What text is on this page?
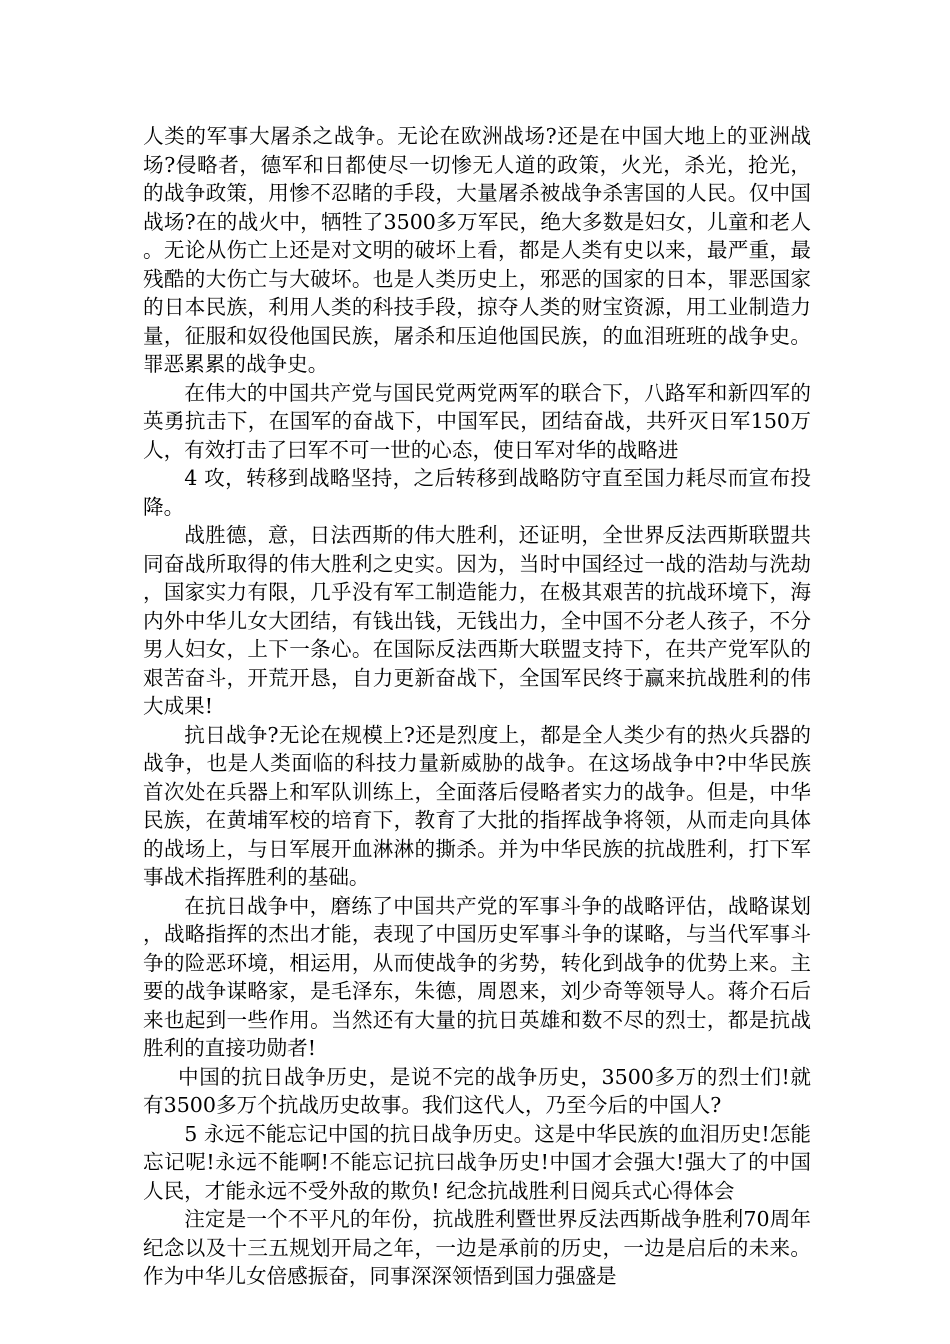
人类的军事大屠杀之战争。无论在欧洲战场?还是在中国大地上的亚洲战场?侵略者，德军和日都使尽一切惨无人道的政策，火光，杀光，抢光，的战争政策，用惨不忍睹的手段，大量屠杀被战争杀害国的人民。仅中国战场?在的战火中，牺牲了3500多万军民，绝大多数是妇女，儿童和老人。无论从伤亡上还是对文明的破坏上看，都是人类有史以来，最严重，最残酷的大伤亡与大破坏。也是人类历史上，邪恶的国家的日本，罪恶国家的日本民族，利用人类的科技手段，掠夺人类的财宝资源，用工业制造力量，征服和奴役他国民族，屠杀和压迫他国民族，的血泪班班的战争史。罪恶累累的战争史。

在伟大的中国共产党与国民党两党两军的联合下，八路军和新四军的英勇抗击下，在国军的奋战下，中国军民，团结奋战，共歼灭日军150万人，有效打击了曰军不可一世的心态，使日军对华的战略进

4 攻，转移到战略坚持，之后转移到战略防守直至国力耗尽而宣布投降。

战胜德，意，日法西斯的伟大胜利，还证明，全世界反法西斯联盟共同奋战所取得的伟大胜利之史实。因为，当时中国经过一战的浩劫与洗劫，国家实力有限，几乎没有军工制造能力，在极其艰苦的抗战环境下，海内外中华儿女大团结，有钱出钱，无钱出力，全中国不分老人孩子，不分男人妇女，上下一条心。在国际反法西斯大联盟支持下，在共产党军队的艰苦奋斗，开荒开恳，自力更新奋战下，全国军民终于赢来抗战胜利的伟大成果!

抗日战争?无论在规模上?还是烈度上，都是全人类少有的热火兵器的战争，也是人类面临的科技力量新威胁的战争。在这场战争中?中华民族首次处在兵器上和军队训练上，全面落后侵略者实力的战争。但是，中华民族，在黄埔军校的培育下，教育了大批的指挥战争将领，从而走向具体的战场上，与日军展开血淋淋的撕杀。并为中华民族的抗战胜利，打下军事战术指挥胜利的基础。

在抗日战争中，磨练了中国共产党的军事斗争的战略评估，战略谋划，战略指挥的杰出才能，表现了中国历史军事斗争的谋略，与当代军事斗争的险恶环境，相运用，从而使战争的劣势，转化到战争的优势上来。主要的战争谋略家，是毛泽东，朱德，周恩来，刘少奇等领导人。蒋介石后来也起到一些作用。当然还有大量的抗日英雄和数不尽的烈士，都是抗战胜利的直接功勋者!

中国的抗日战争历史，是说不完的战争历史，3500多万的烈士们!就有3500多万个抗战历史故事。我们这代人，乃至今后的中国人?

5 永远不能忘记中国的抗日战争历史。这是中华民族的血泪历史!怎能忘记呢!永远不能啊!不能忘记抗曰战争历史!中国才会强大!强大了的中国人民，才能永远不受外敌的欺负! 纪念抗战胜利日阅兵式心得体会

注定是一个不平凡的年份，抗战胜利暨世界反法西斯战争胜利70周年纪念以及十三五规划开局之年，一边是承前的历史，一边是启后的未来。作为中华儿女倍感振奋，同事深深领悟到国力强盛是
